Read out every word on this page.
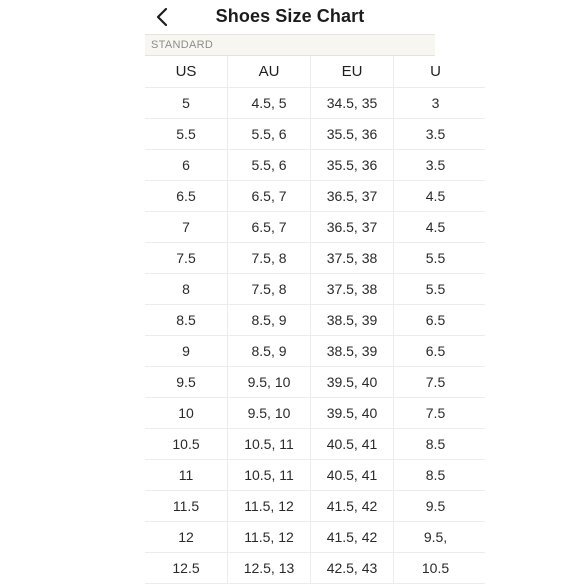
Shoes Size Chart
STANDARD
US	AU	EU	U
5	4.5, 5	34.5, 35	3
5.5	5.5, 6	35.5, 36	3.5
6	5.5, 6	35.5, 36	3.5
6.5	6.5, 7	36.5, 37	4.5
7	6.5, 7	36.5, 37	4.5
7.5	7.5, 8	37.5, 38	5.5
8	7.5, 8	37.5, 38	5.5
8.5	8.5, 9	38.5, 39	6.5
9	8.5, 9	38.5, 39	6.5
9.5	9.5, 10	39.5, 40	7.5
10	9.5, 10	39.5, 40	7.5
10.5	10.5, 11	40.5, 41	8.5
11	10.5, 11	40.5, 41	8.5
11.5	11.5, 12	41.5, 42	9.5
12	11.5, 12	41.5, 42	9.5,
12.5	12.5, 13	42.5, 43	10.5
